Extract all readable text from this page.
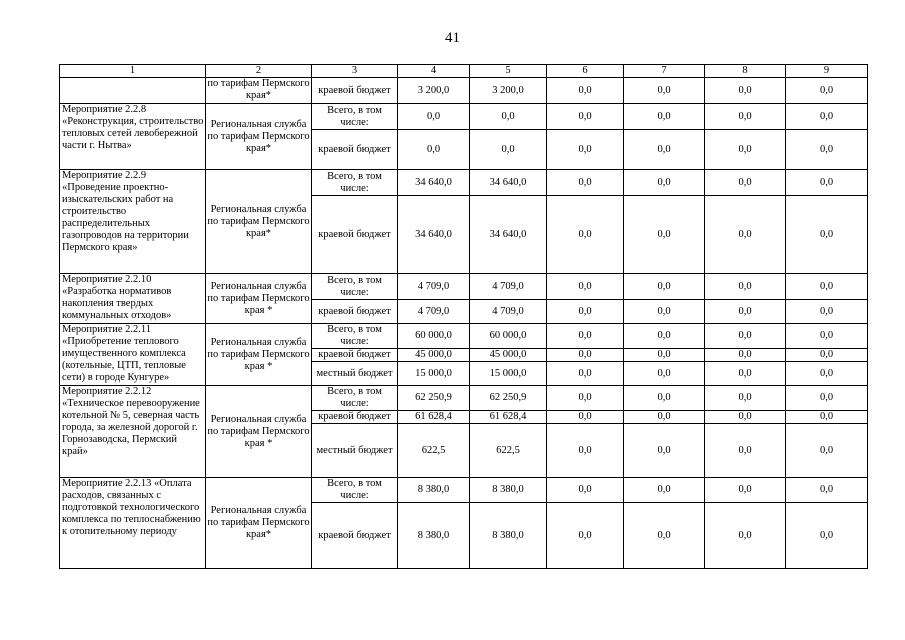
41
1	2	3	4	5	6	7	8	9
	по тарифам Пермского края*	краевой бюджет	3 200,0	3 200,0	0,0	0,0	0,0	0,0
Мероприятие 2.2.8 «Реконструкция, строительство тепловых сетей левобережной части г. Нытва»	Региональная служба по тарифам Пермского края*	Всего, в том числе:	0,0	0,0	0,0	0,0	0,0	0,0
		краевой бюджет	0,0	0,0	0,0	0,0	0,0	0,0
Мероприятие 2.2.9 «Проведение проектно-изыскательских работ на строительство распределительных газопроводов на территории Пермского края»	Региональная служба по тарифам Пермского края*	Всего, в том числе:	34 640,0	34 640,0	0,0	0,0	0,0	0,0
		краевой бюджет	34 640,0	34 640,0	0,0	0,0	0,0	0,0
Мероприятие 2.2.10 «Разработка нормативов накопления твердых коммунальных отходов»	Региональная служба по тарифам Пермского края *	Всего, в том числе:	4 709,0	4 709,0	0,0	0,0	0,0	0,0
		краевой бюджет	4 709,0	4 709,0	0,0	0,0	0,0	0,0
Мероприятие 2.2.11 «Приобретение теплового имущественного комплекса (котельные, ЦТП, тепловые сети) в городе Кунгуре»	Региональная служба по тарифам Пермского края *	Всего, в том числе:	60 000,0	60 000,0	0,0	0,0	0,0	0,0
		краевой бюджет	45 000,0	45 000,0	0,0	0,0	0,0	0,0
		местный бюджет	15 000,0	15 000,0	0,0	0,0	0,0	0,0
Мероприятие 2.2.12 «Техническое перевооружение котельной № 5, северная часть города, за железной дорогой г. Горнозаводска, Пермский край»	Региональная служба по тарифам Пермского края *	Всего, в том числе:	62 250,9	62 250,9	0,0	0,0	0,0	0,0
		краевой бюджет	61 628,4	61 628,4	0,0	0,0	0,0	0,0
		местный бюджет	622,5	622,5	0,0	0,0	0,0	0,0
Мероприятие 2.2.13 «Оплата расходов, связанных с подготовкой технологического комплекса по теплоснабжению к отопительному периоду	Региональная служба по тарифам Пермского края*	Всего, в том числе:	8 380,0	8 380,0	0,0	0,0	0,0	0,0
		краевой бюджет	8 380,0	8 380,0	0,0	0,0	0,0	0,0
